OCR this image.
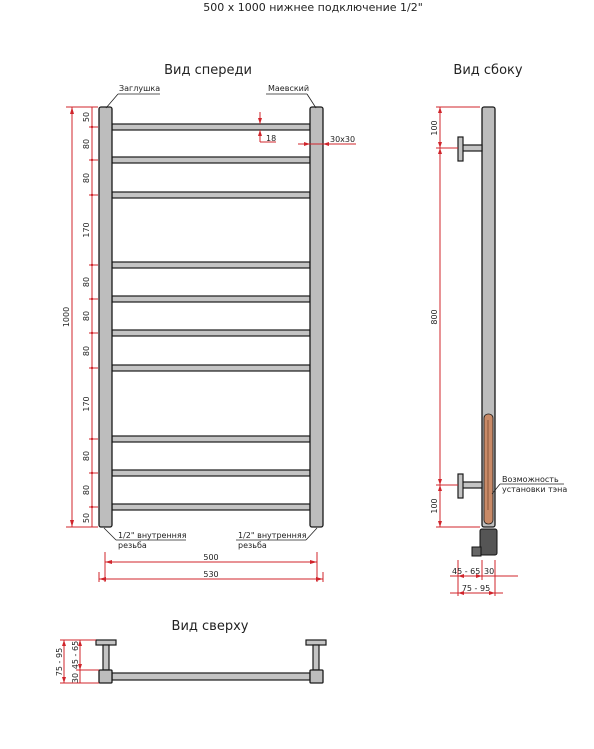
500 х 1000 нижнее подключение 1/2"
Вид спереди
Заглушка	Маевский
1/2" внутренняя
резьба
1/2" внутренняя
резьба
1000
50
80
80
170
80
80
80
170
80
80
50
18	30х30
500
530
Вид сбоку
Возможность
установки тэна
100
800
100
45 - 65 30
75 - 95
Вид сверху
75 - 95 45 - 65
30
